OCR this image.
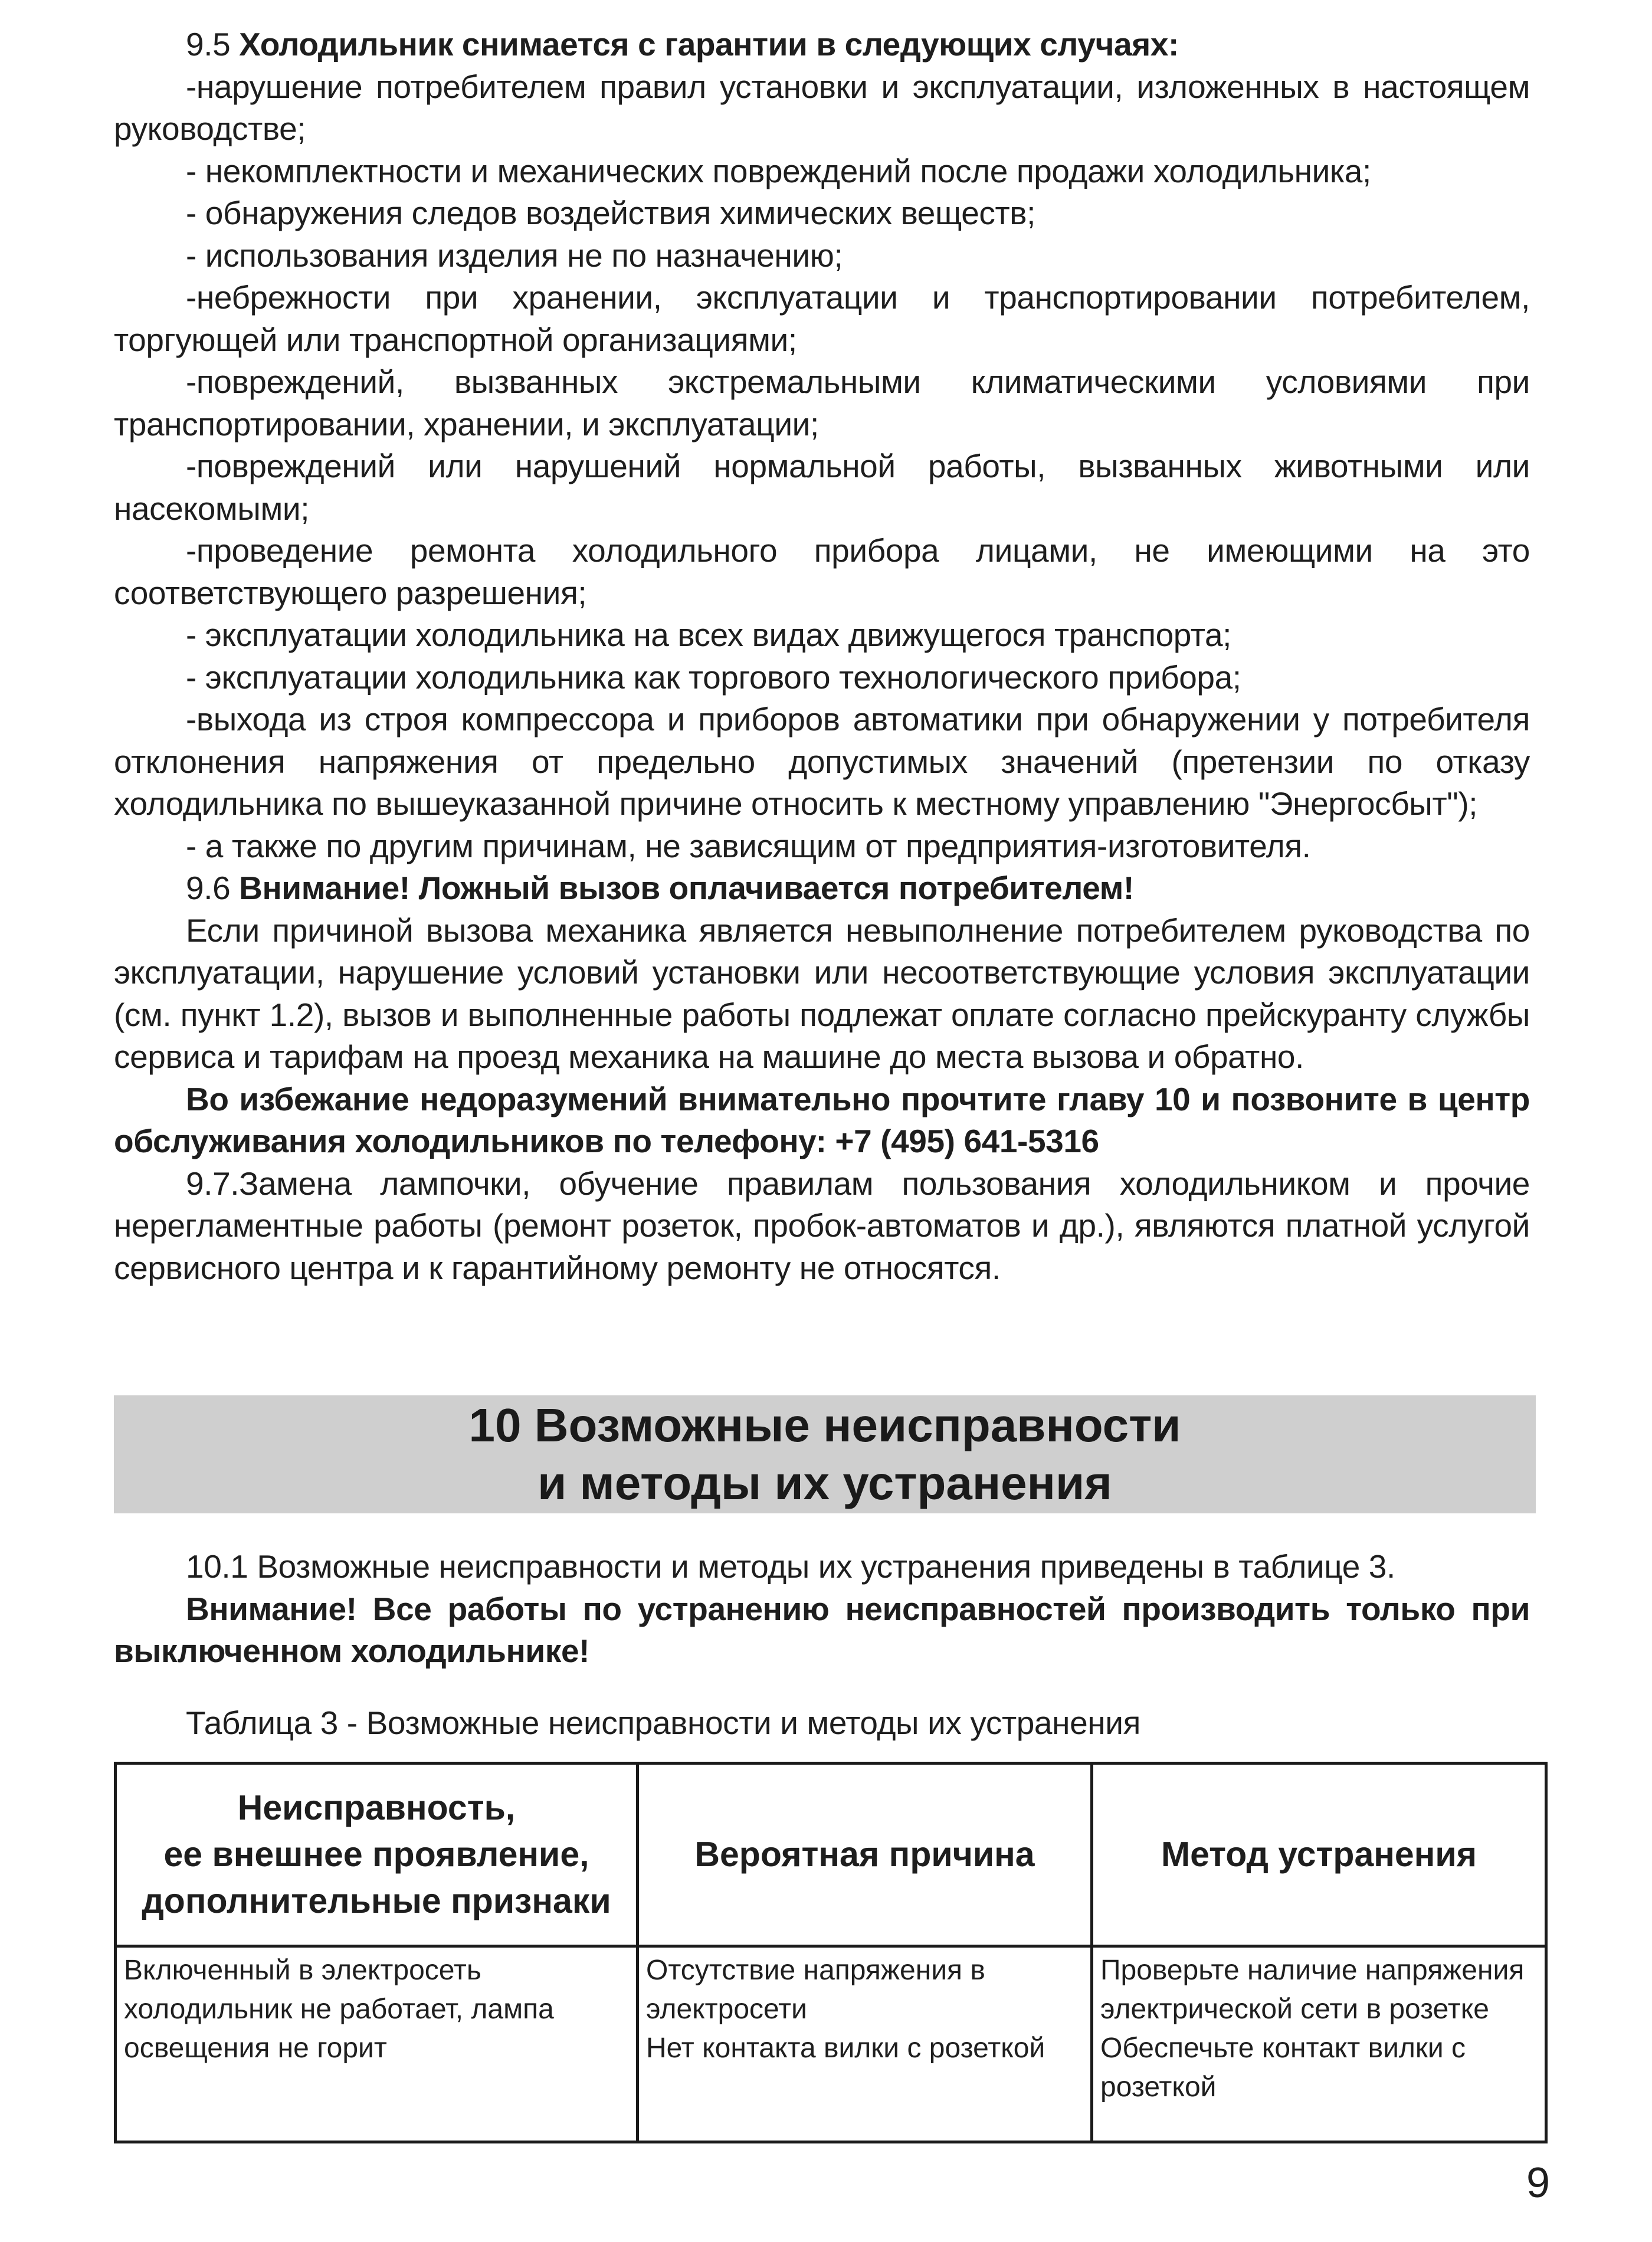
9.5 Холодильник снимается с гарантии в следующих случаях:

-нарушение потребителем правил установки и эксплуатации, изложенных в настоящем руководстве;

- некомплектности и механических повреждений после продажи холодильника;

- обнаружения следов воздействия химических веществ;

- использования изделия не по назначению;

-небрежности при хранении, эксплуатации и транспортировании потребителем, торгующей или транспортной организациями;

-повреждений, вызванных экстремальными климатическими условиями при транспортировании, хранении, и эксплуатации;

-повреждений или нарушений нормальной работы, вызванных животными или насекомыми;

-проведение ремонта холодильного прибора лицами, не имеющими на это соответствующего разрешения;

- эксплуатации холодильника на всех видах движущегося транспорта;

- эксплуатации холодильника как торгового технологического прибора;

-выхода из строя компрессора и приборов автоматики при обнаружении у потребителя отклонения напряжения от предельно допустимых значений (претензии по отказу холодильника по вышеуказанной причине относить к местному управлению "Энергосбыт");

- а также по другим причинам, не зависящим от предприятия-изготовителя.

9.6 Внимание! Ложный вызов оплачивается потребителем!

Если причиной вызова механика является невыполнение потребителем руководства по эксплуатации, нарушение условий установки или несоответствующие условия эксплуатации (см. пункт 1.2), вызов и выполненные работы подлежат оплате согласно прейскуранту службы сервиса и тарифам на проезд механика на машине до места вызова и обратно.

Во избежание недоразумений внимательно прочтите главу 10 и позвоните в центр обслуживания холодильников по телефону: +7 (495) 641-5316

9.7.Замена лампочки, обучение правилам пользования холодильником и прочие нерегламентные работы (ремонт розеток, пробок-автоматов и др.), являются платной услугой сервисного центра и к гарантийному ремонту не относятся.

10 Возможные неисправности
и методы их устранения

10.1 Возможные неисправности и методы их устранения приведены в таблице 3.

Внимание! Все работы по устранению неисправностей производить только при выключенном холодильнике!

Таблица 3 - Возможные неисправности и методы их устранения

Неисправность,
ее внешнее проявление,
дополнительные признаки	Вероятная причина	Метод устранения

Включенный в электросеть
холодильник не работает, лампа
освещения не горит	Отсутствие напряжения в
электросети
Нет контакта вилки с розеткой	Проверьте наличие напряжения
электрической сети в розетке
Обеспечьте контакт вилки с
розеткой
9
